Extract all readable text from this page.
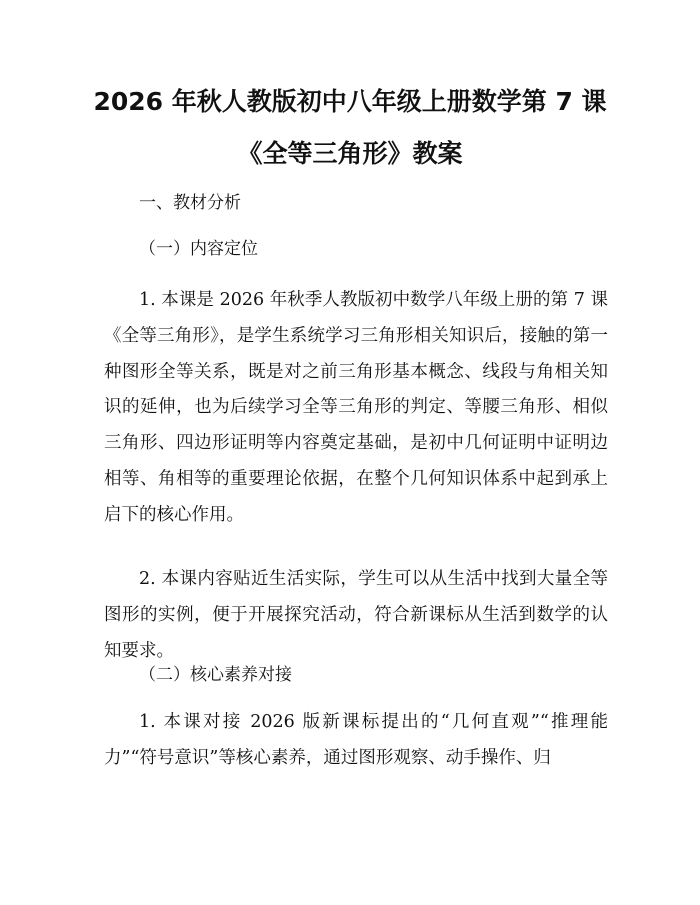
2026 年秋人教版初中八年级上册数学第 7 课
《全等三角形》教案
一、教材分析
（一）内容定位

1. 本课是 2026 年秋季人教版初中数学八年级上册的第 7 课《全等三角形》，是学生系统学习三角形相关知识后，接触的第一种图形全等关系，既是对之前三角形基本概念、线段与角相关知识的延伸，也为后续学习全等三角形的判定、等腰三角形、相似三角形、四边形证明等内容奠定基础，是初中几何证明中证明边相等、角相等的重要理论依据，在整个几何知识体系中起到承上启下的核心作用。

2. 本课内容贴近生活实际，学生可以从生活中找到大量全等图形的实例，便于开展探究活动，符合新课标从生活到数学的认知要求。

（二）核心素养对接

1. 本课对接 2026 版新课标提出的“几何直观”“推理能力”“符号意识”等核心素养，通过图形观察、动手操作、归
